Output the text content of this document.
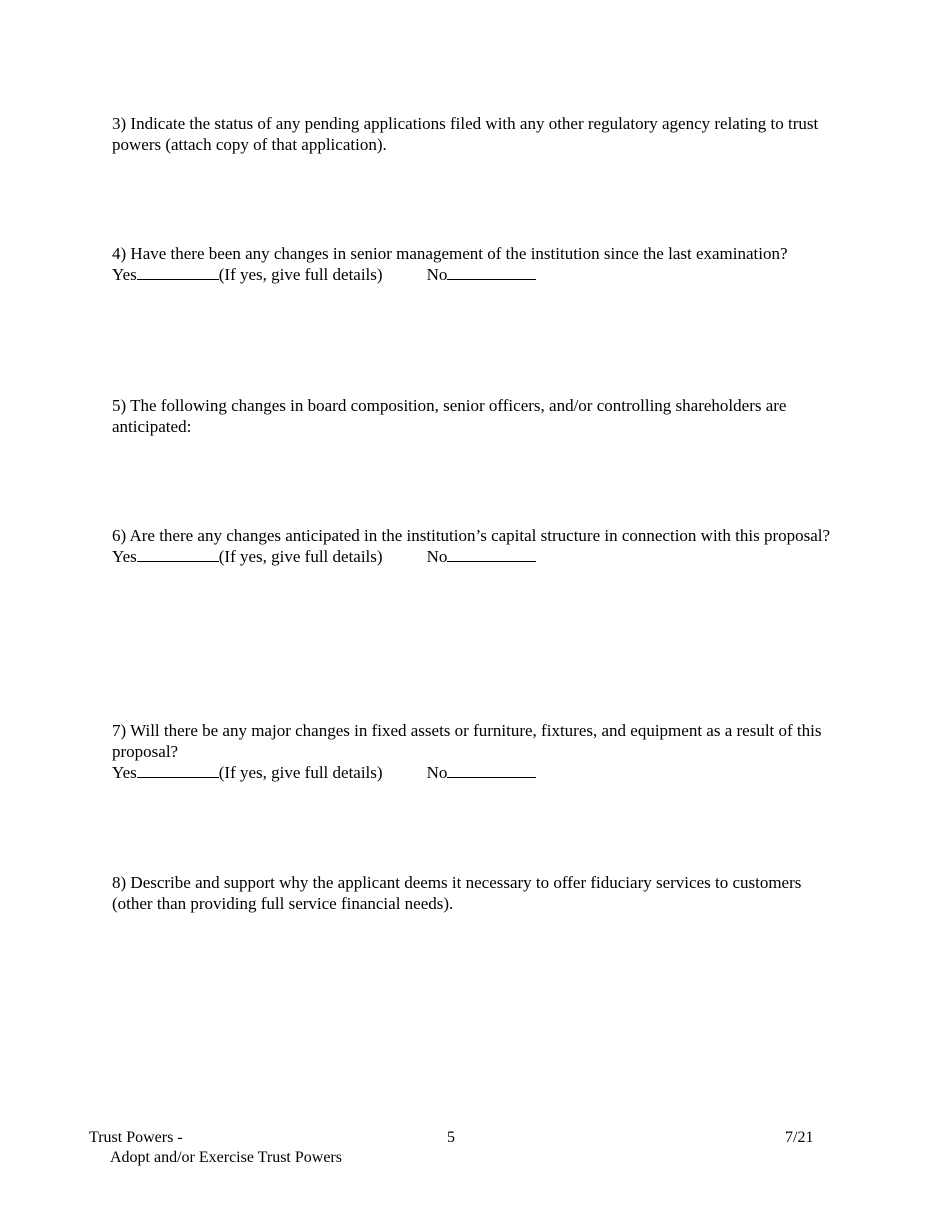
3) Indicate the status of any pending applications filed with any other regulatory agency relating to trust powers (attach copy of that application).

4) Have there been any changes in senior management of the institution since the last examination?

Yes	(If yes, give full details)	No

5) The following changes in board composition, senior officers, and/or controlling shareholders are anticipated:

6) Are there any changes anticipated in the institution’s capital structure in connection with this proposal?

Yes	(If yes, give full details)	No

7) Will there be any major changes in fixed assets or furniture, fixtures, and equipment as a result of this proposal?

Yes	(If yes, give full details)	No

8) Describe and support why the applicant deems it necessary to offer fiduciary services to customers (other than providing full service financial needs).

Trust Powers -
Adopt and/or Exercise Trust Powers
5	7/21
